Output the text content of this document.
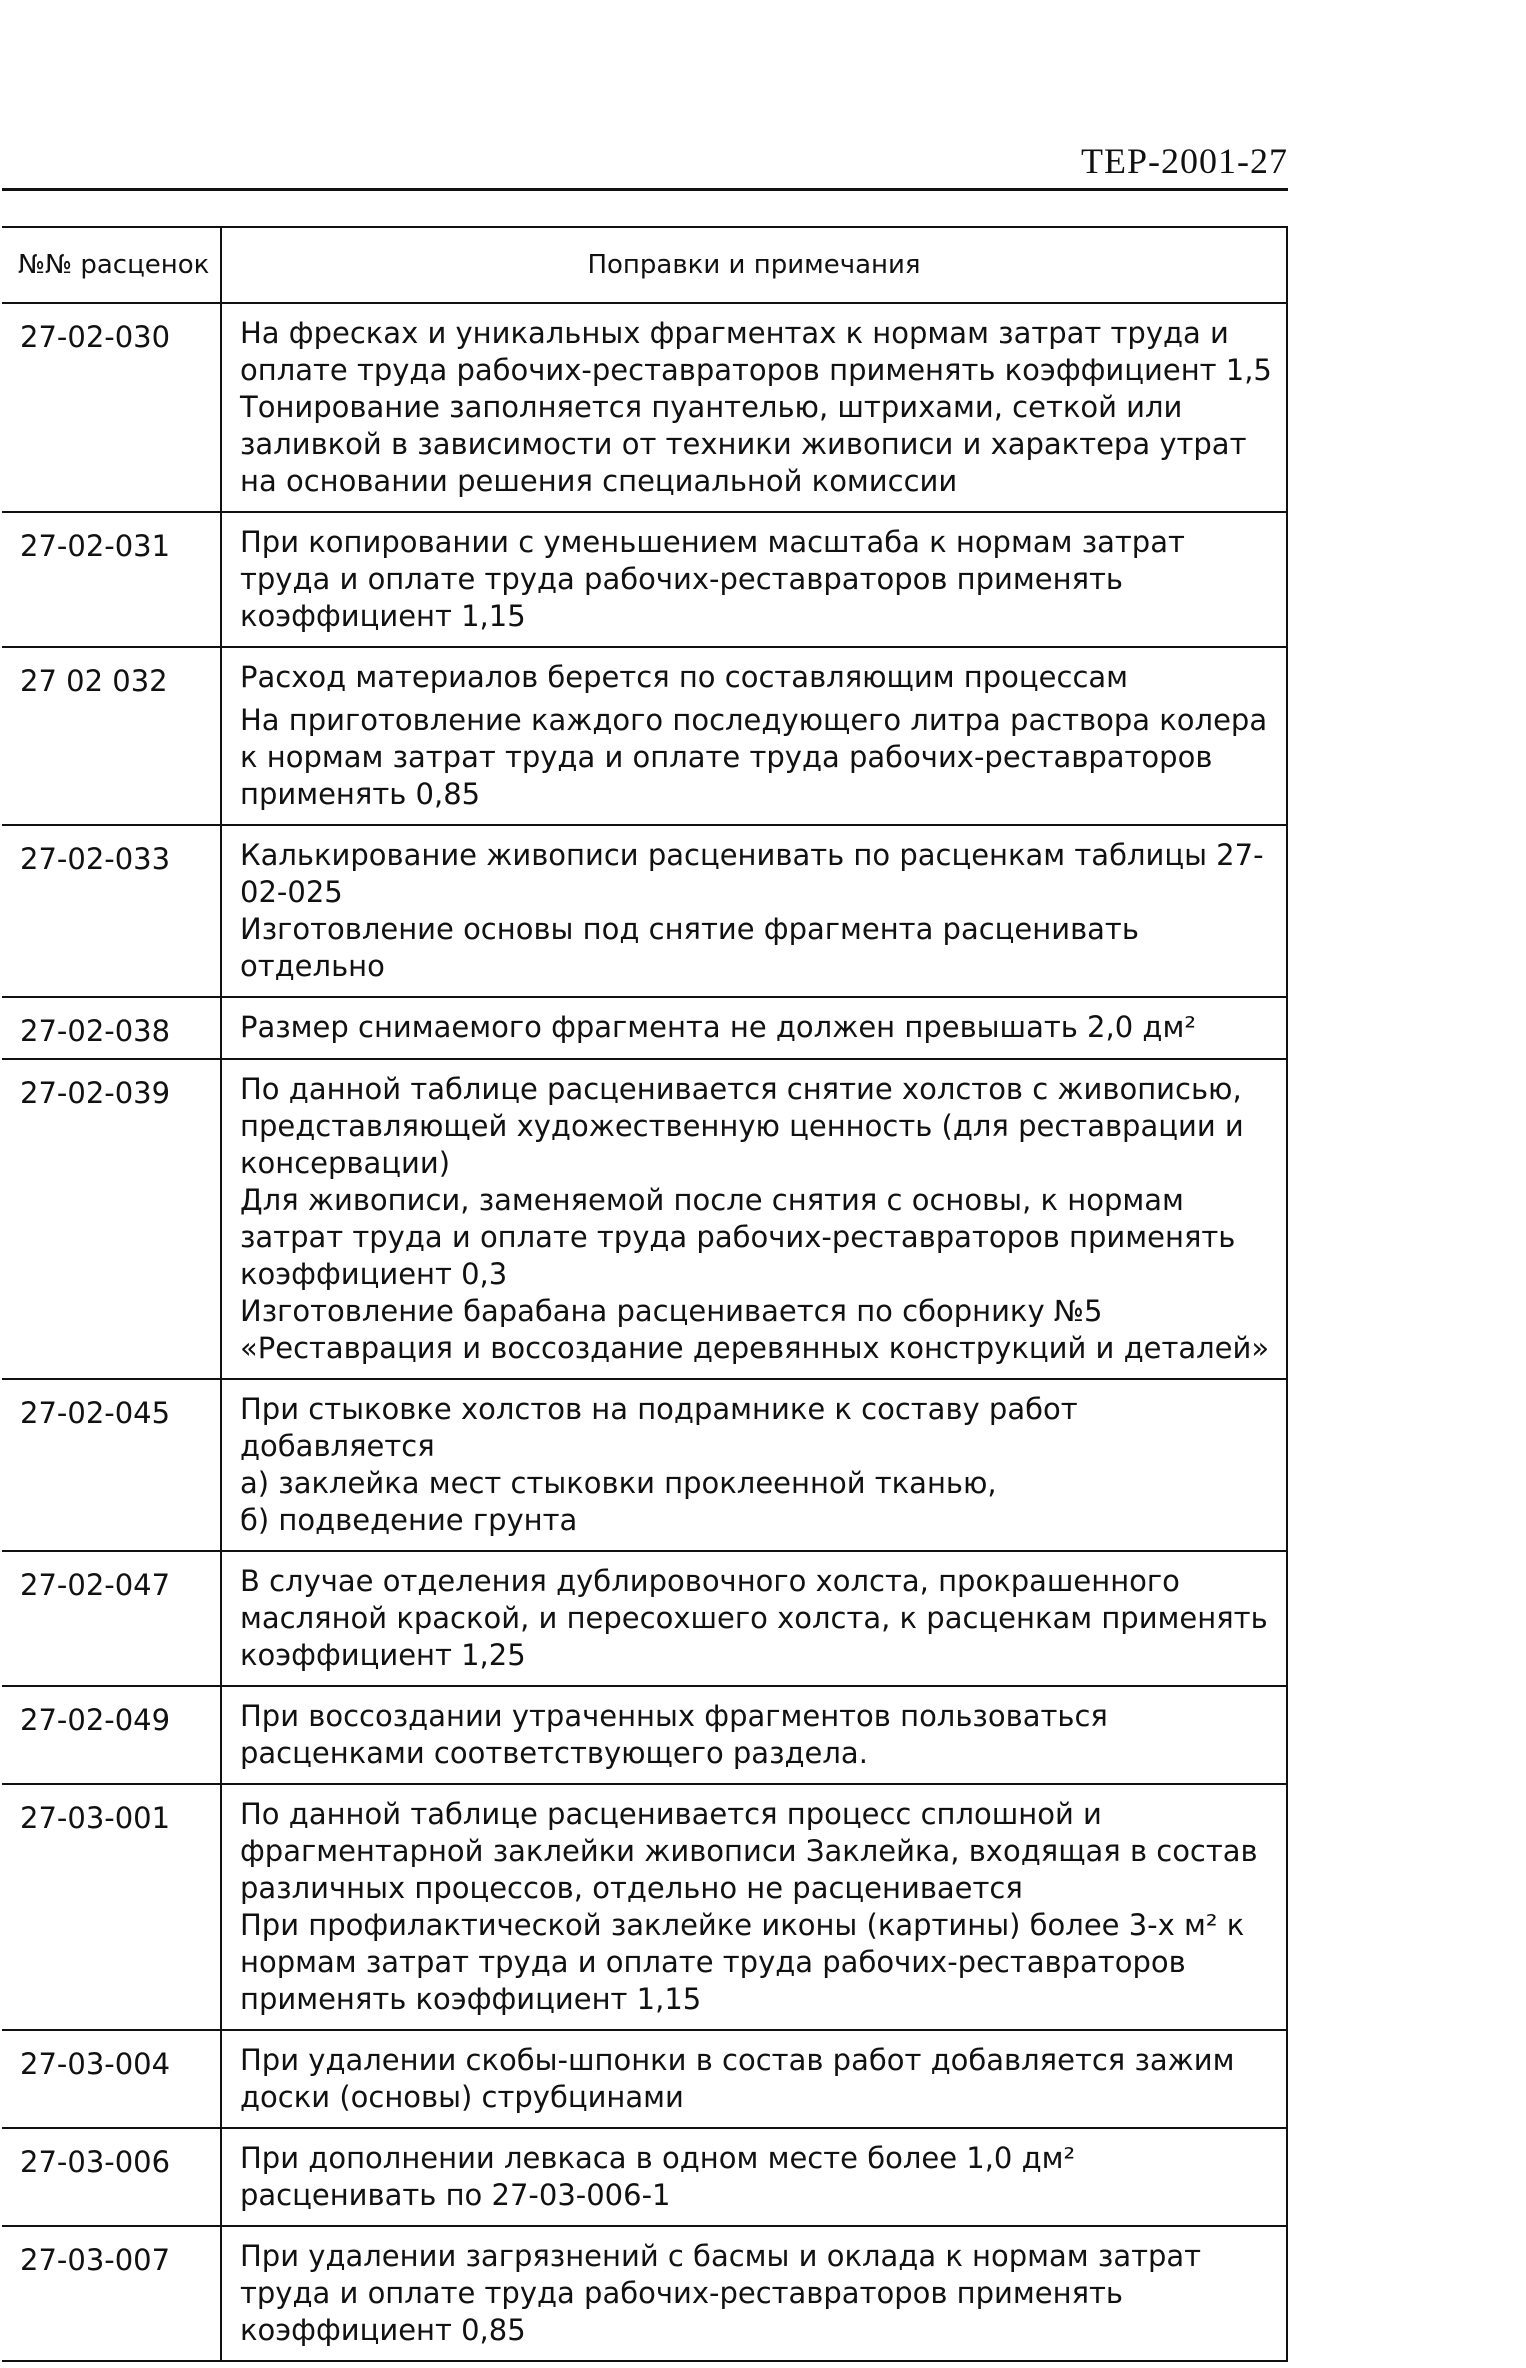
ТЕР-2001-27
№№ расценок	Поправки и примечания
27-02-030	На фресках и уникальных фрагментах к нормам затрат труда и оплате труда рабочих-реставраторов применять коэффициент 1,5

Тонирование заполняется пуантелью, штрихами, сеткой или заливкой в зависимости от техники живописи и характера утрат на основании решения специальной комиссии

27-02-031	При копировании с уменьшением масштаба к нормам затрат труда и оплате труда рабочих-реставраторов применять коэффициент 1,15

27 02 032	Расход материалов берется по составляющим процессам

На приготовление каждого последующего литра раствора колера к нормам затрат труда и оплате труда рабочих-реставраторов применять 0,85

27-02-033	Калькирование живописи расценивать по расценкам таблицы 27-02-025

Изготовление основы под снятие фрагмента расценивать отдельно

27-02-038	Размер снимаемого фрагмента не должен превышать 2,0 дм²

27-02-039	По данной таблице расценивается снятие холстов с живописью, представляющей художественную ценность (для реставрации и консервации)

Для живописи, заменяемой после снятия с основы, к нормам затрат труда и оплате труда рабочих-реставраторов применять коэффициент 0,3

Изготовление барабана расценивается по сборнику №5 «Реставрация и воссоздание деревянных конструкций и деталей»

27-02-045	При стыковке холстов на подрамнике к составу работ добавляется

а) заклейка мест стыковки проклеенной тканью,

б) подведение грунта

27-02-047	В случае отделения дублировочного холста, прокрашенного масляной краской, и пересохшего холста, к расценкам применять коэффициент 1,25

27-02-049	При воссоздании утраченных фрагментов пользоваться расценками соответствующего раздела.

27-03-001	По данной таблице расценивается процесс сплошной и фрагментарной заклейки живописи Заклейка, входящая в состав различных процессов, отдельно не расценивается

При профилактической заклейке иконы (картины) более 3-х м² к нормам затрат труда и оплате труда рабочих-реставраторов применять коэффициент 1,15

27-03-004	При удалении скобы-шпонки в состав работ добавляется зажим доски (основы) струбцинами

27-03-006	При дополнении левкаса в одном месте более 1,0 дм² расценивать по 27-03-006-1

27-03-007	При удалении загрязнений с басмы и оклада к нормам затрат труда и оплате труда рабочих-реставраторов применять коэффициент 0,85
